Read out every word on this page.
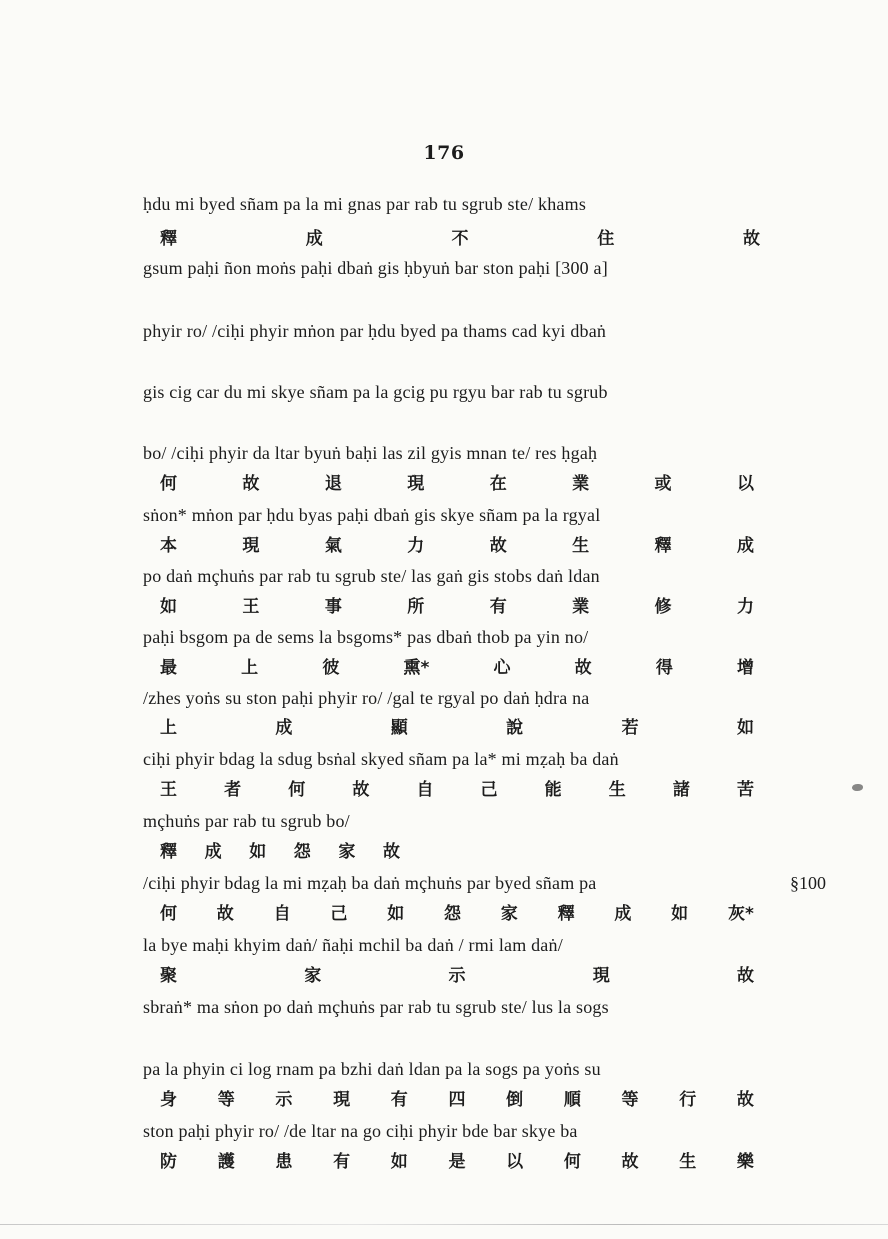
176
ḥdu mi byed sñam pa la mi gnas par rab tu sgrub ste/ khams
釋	成	不	住	故
gsum paḥi ñon moṅs paḥi dbaṅ gis ḥbyuṅ bar ston paḥi [300 a]
phyir ro/ /ciḥi phyir mṅon par ḥdu byed pa thams cad kyi dbaṅ
gis cig car du mi skye sñam pa la gcig pu rgyu bar rab tu sgrub
bo/ /ciḥi phyir da ltar byuṅ baḥi las zil gyis mnan te/ res ḥgaḥ
何	故	退	現	在	業	或	以
sṅon* mṅon par ḥdu byas paḥi dbaṅ gis skye sñam pa la rgyal
本	現	氣	力	故	生	釋	成
po daṅ mçhuṅs par rab tu sgrub ste/ las gaṅ gis stobs daṅ ldan
如	王	事	所	有	業	修	力
paḥi bsgom pa de sems la bsgoms* pas dbaṅ thob pa yin no/
最	上	彼	熏*	心	故	得	增
/zhes yoṅs su ston paḥi phyir ro/ /gal te rgyal po daṅ ḥdra na
上	成	顯	說	若	如
ciḥi phyir bdag la sdug bsṅal skyed sñam pa la* mi mẓaḥ ba daṅ
王	者	何	故	自	己	能	生	諸	苦
mçhuṅs par rab tu sgrub bo/
釋 成 如 怨 家 故
/ciḥi phyir bdag la mi mẓaḥ ba daṅ mçhuṅs par byed sñam pa	§100
何 故 自 己 如 怨 家 釋 成 如 灰*
la bye maḥi khyim daṅ/ ñaḥi mchil ba daṅ / rmi lam daṅ/
聚	家	示	現	故
sbraṅ* ma sṅon po daṅ mçhuṅs par rab tu sgrub ste/ lus la sogs
pa la phyin ci log rnam pa bzhi daṅ ldan pa la sogs pa yoṅs su
身 等 示 現 有 四 倒 順 等 行 故
ston paḥi phyir ro/ /de ltar na go ciḥi phyir bde bar skye ba
防 護 患 有 如 是 以 何 故 生 樂
